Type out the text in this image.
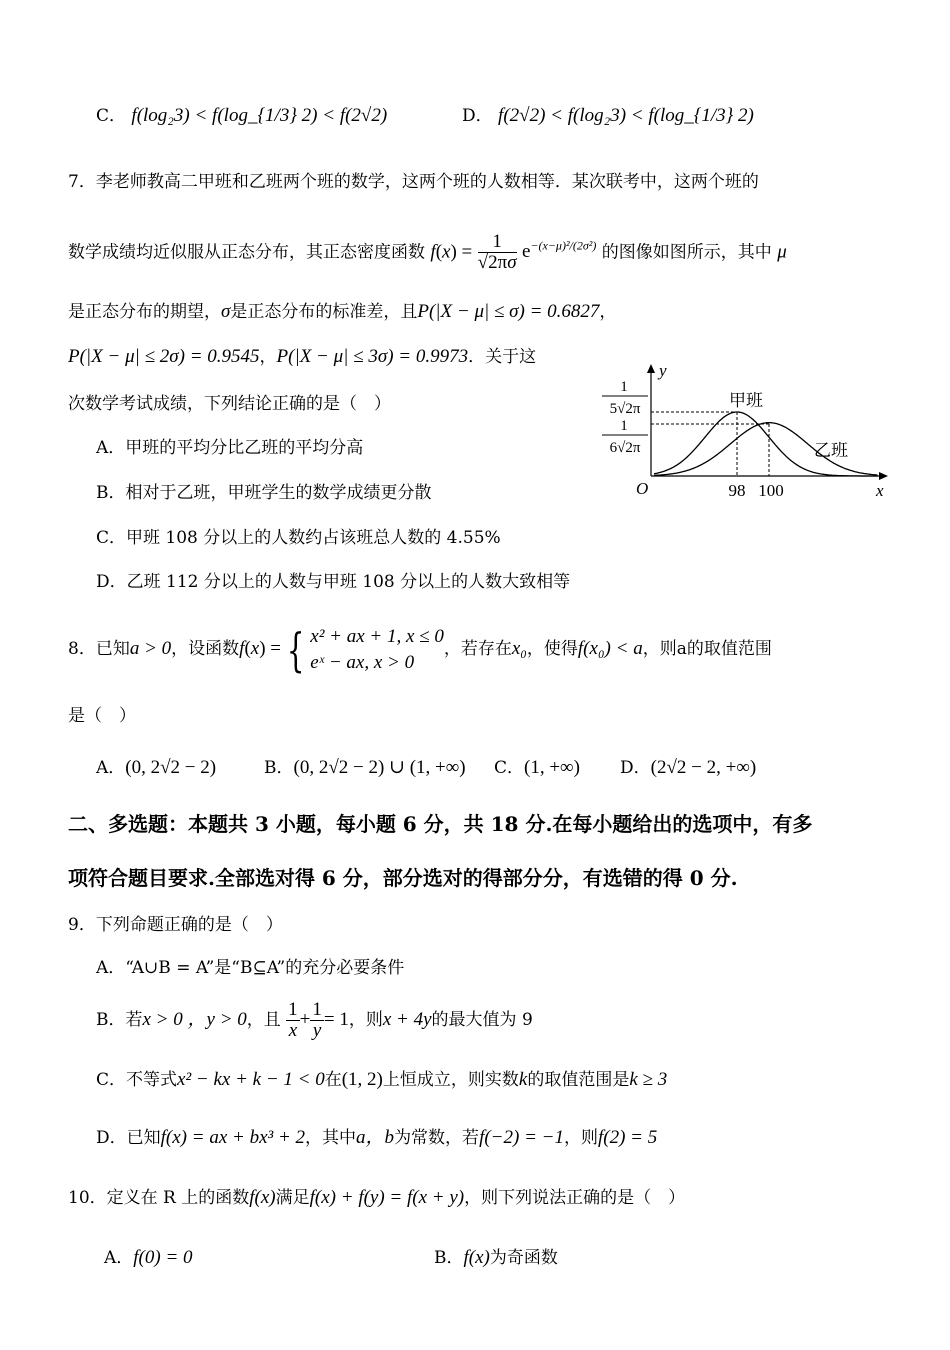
C． f(log₂3) < f(log_{1/3} 2) < f(2√2)	D． f(2√2) < f(log₂3) < f(log_{1/3} 2)
7．李老师教高二甲班和乙班两个班的数学，这两个班的人数相等．某次联考中，这两个班的
数学成绩均近似服从正态分布，其正态密度函数 $f(x) = \frac{1}{√2\pi\sigma} e^{-(x-\mu)^2/(2\sigma^2)}$ 的图像如图所示，其中 μ
是正态分布的期望，σ是正态分布的标准差，且P(|X − μ| ≤ σ) = 0.6827，
P(|X − μ| ≤ 2σ) = 0.9545，P(|X − μ| ≤ 3σ) = 0.9973．关于这
次数学考试成绩，下列结论正确的是（　）
A．甲班的平均分比乙班的平均分高
B．相对于乙班，甲班学生的数学成绩更分散
C．甲班 108 分以上的人数约占该班总人数的 4.55%
D．乙班 112 分以上的人数与甲班 108 分以上的人数大致相等
y
x
O
1
5√2π
1
6√2π
甲班
乙班
98 100
8．已知a > 0，设函数f(x) = { x² + ax + 1, x ≤ 0
eˣ − ax, x > 0
，若存在x₀，使得f(x₀) < a，则a的取值范围
是（　）
A．(0, 2√2 − 2)	B．(0, 2√2 − 2) ∪ (1, +∞) C．(1, +∞) D．(2√2 − 2, +∞)
二、多选题：本题共 3 小题，每小题 6 分，共 18 分.在每小题给出的选项中，有多
项符合题目要求.全部选对得 6 分，部分选对的得部分分，有选错的得 0 分.
9．下列命题正确的是（　）
A．“A∪B = A”是“B⊆A”的充分必要条件
B．若x > 0 ，y > 0，且 $\frac{1}{x} + \frac{1}{y} = 1$，则x + 4y的最大值为 9
C．不等式x² − kx + k − 1 < 0在(1, 2)上恒成立，则实数k的取值范围是k ≥ 3
D．已知f(x) = ax + bx³ + 2，其中a，b为常数，若f(−2) = −1，则f(2) = 5
10．定义在 R 上的函数f(x)满足f(x) + f(y) = f(x + y)，则下列说法正确的是（　）
A．f(0) = 0	B．f(x)为奇函数
